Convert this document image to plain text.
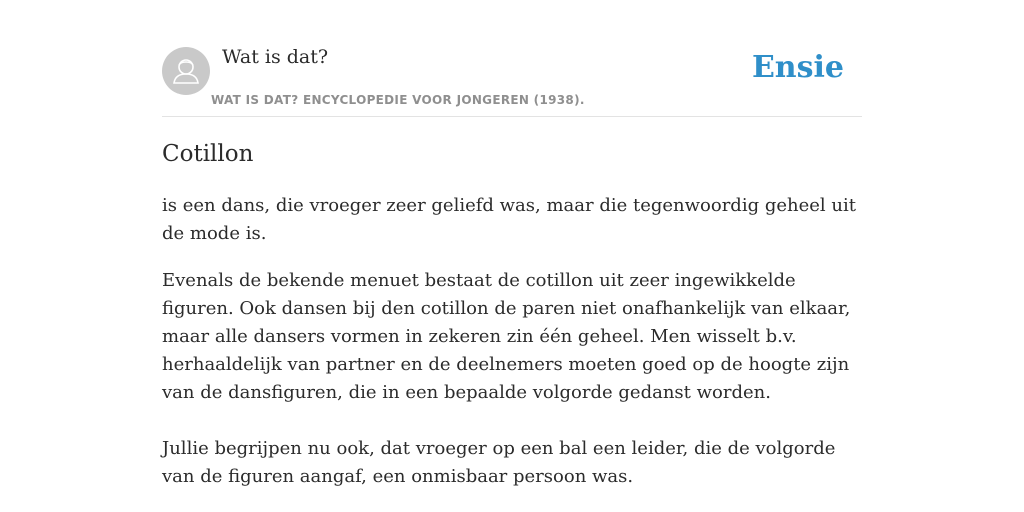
Wat is dat?
WAT IS DAT? ENCYCLOPEDIE VOOR JONGEREN (1938).
Ensie
Cotillon

is een dans, die vroeger zeer geliefd was, maar die tegenwoordig geheel uit de mode is.

Evenals de bekende menuet bestaat de cotillon uit zeer ingewikkelde figuren. Ook dansen bij den cotillon de paren niet onafhankelijk van elkaar, maar alle dansers vormen in zekeren zin één geheel. Men wisselt b.v. herhaaldelijk van partner en de deelnemers moeten goed op de hoogte zijn van de dansfiguren, die in een bepaalde volgorde gedanst worden.

Jullie begrijpen nu ook, dat vroeger op een bal een leider, die de volgorde van de figuren aangaf, een onmisbaar persoon was.
